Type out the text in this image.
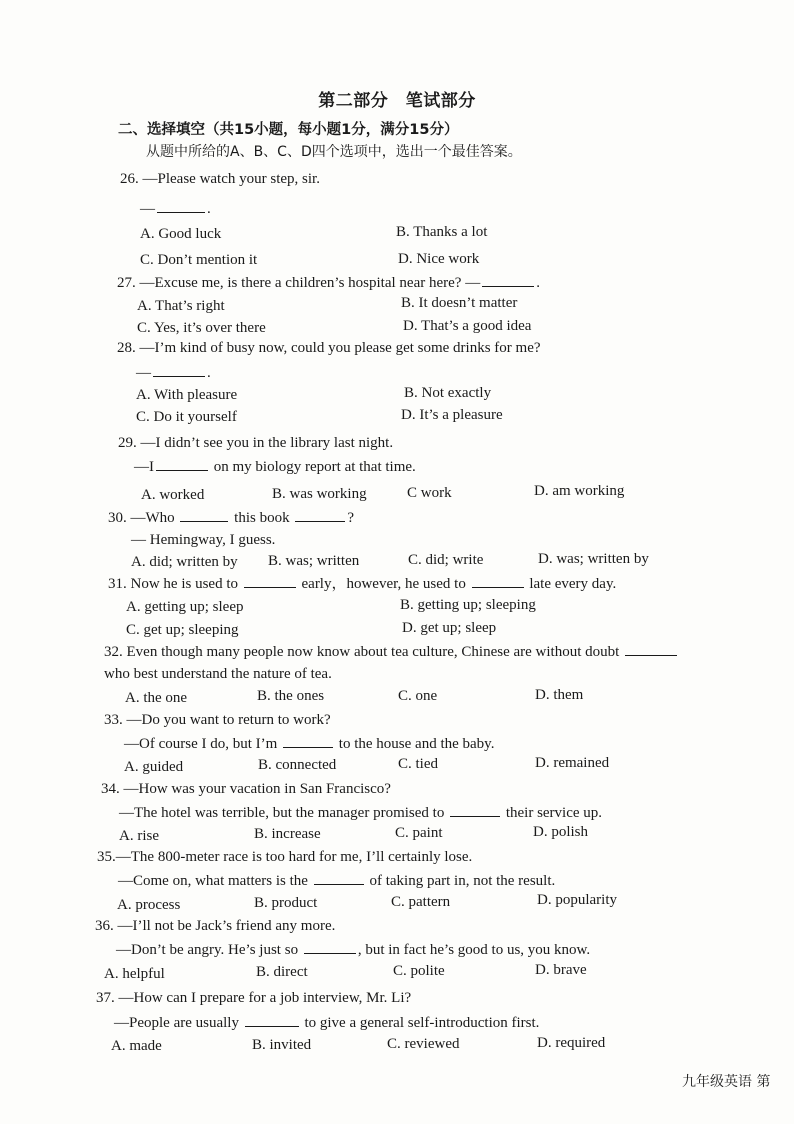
第二部分　笔试部分
二、选择填空（共15小题，每小题1分，满分15分）
从题中所给的A、B、C、D四个选项中，选出一个最佳答案。
26. —Please watch your step, sir.
—	.
A. Good luck	B. Thanks a lot
C. Don’t mention it	D. Nice work
27. —Excuse me, is there a children’s hospital near here? —	.
A. That’s right	B. It doesn’t matter
C. Yes, it’s over there	D. That’s a good idea
28. —I’m kind of busy now, could you please get some drinks for me?
—	.
A. With pleasure	B. Not exactly
C. Do it yourself	D. It’s a pleasure
29. —I didn’t see you in the library last night.
—I	on my biology report at that time.
A. worked	B. was working	C work	D. am working
30. —Who	this book	?
— Hemingway, I guess.
A. did; written by B. was; written	C. did; write	D. was; written by
31. Now he is used to	early，however, he used to	late every day.
A. getting up; sleep	B. getting up; sleeping
C. get up; sleeping	D. get up; sleep
32. Even though many people now know about tea culture, Chinese are without doubt
who best understand the nature of tea.
A. the one	B. the ones	C. one	D. them
33. —Do you want to return to work?
—Of course I do, but I’m	to the house and the baby.
A. guided	B. connected	C. tied	D. remained
34. —How was your vacation in San Francisco?
—The hotel was terrible, but the manager promised to	their service up.
A. rise	B. increase	C. paint	D. polish
35.—The 800-meter race is too hard for me, I’ll certainly lose.
—Come on, what matters is the	of taking part in, not the result.
A. process	B. product	C. pattern	D. popularity
36. —I’ll not be Jack’s friend any more.
—Don’t be angry. He’s just so	, but in fact he’s good to us, you know.
A. helpful	B. direct	C. polite	D. brave
37. —How can I prepare for a job interview, Mr. Li?
—People are usually	to give a general self-introduction first.
A. made	B. invited	C. reviewed	D. required
九年级英语 第
